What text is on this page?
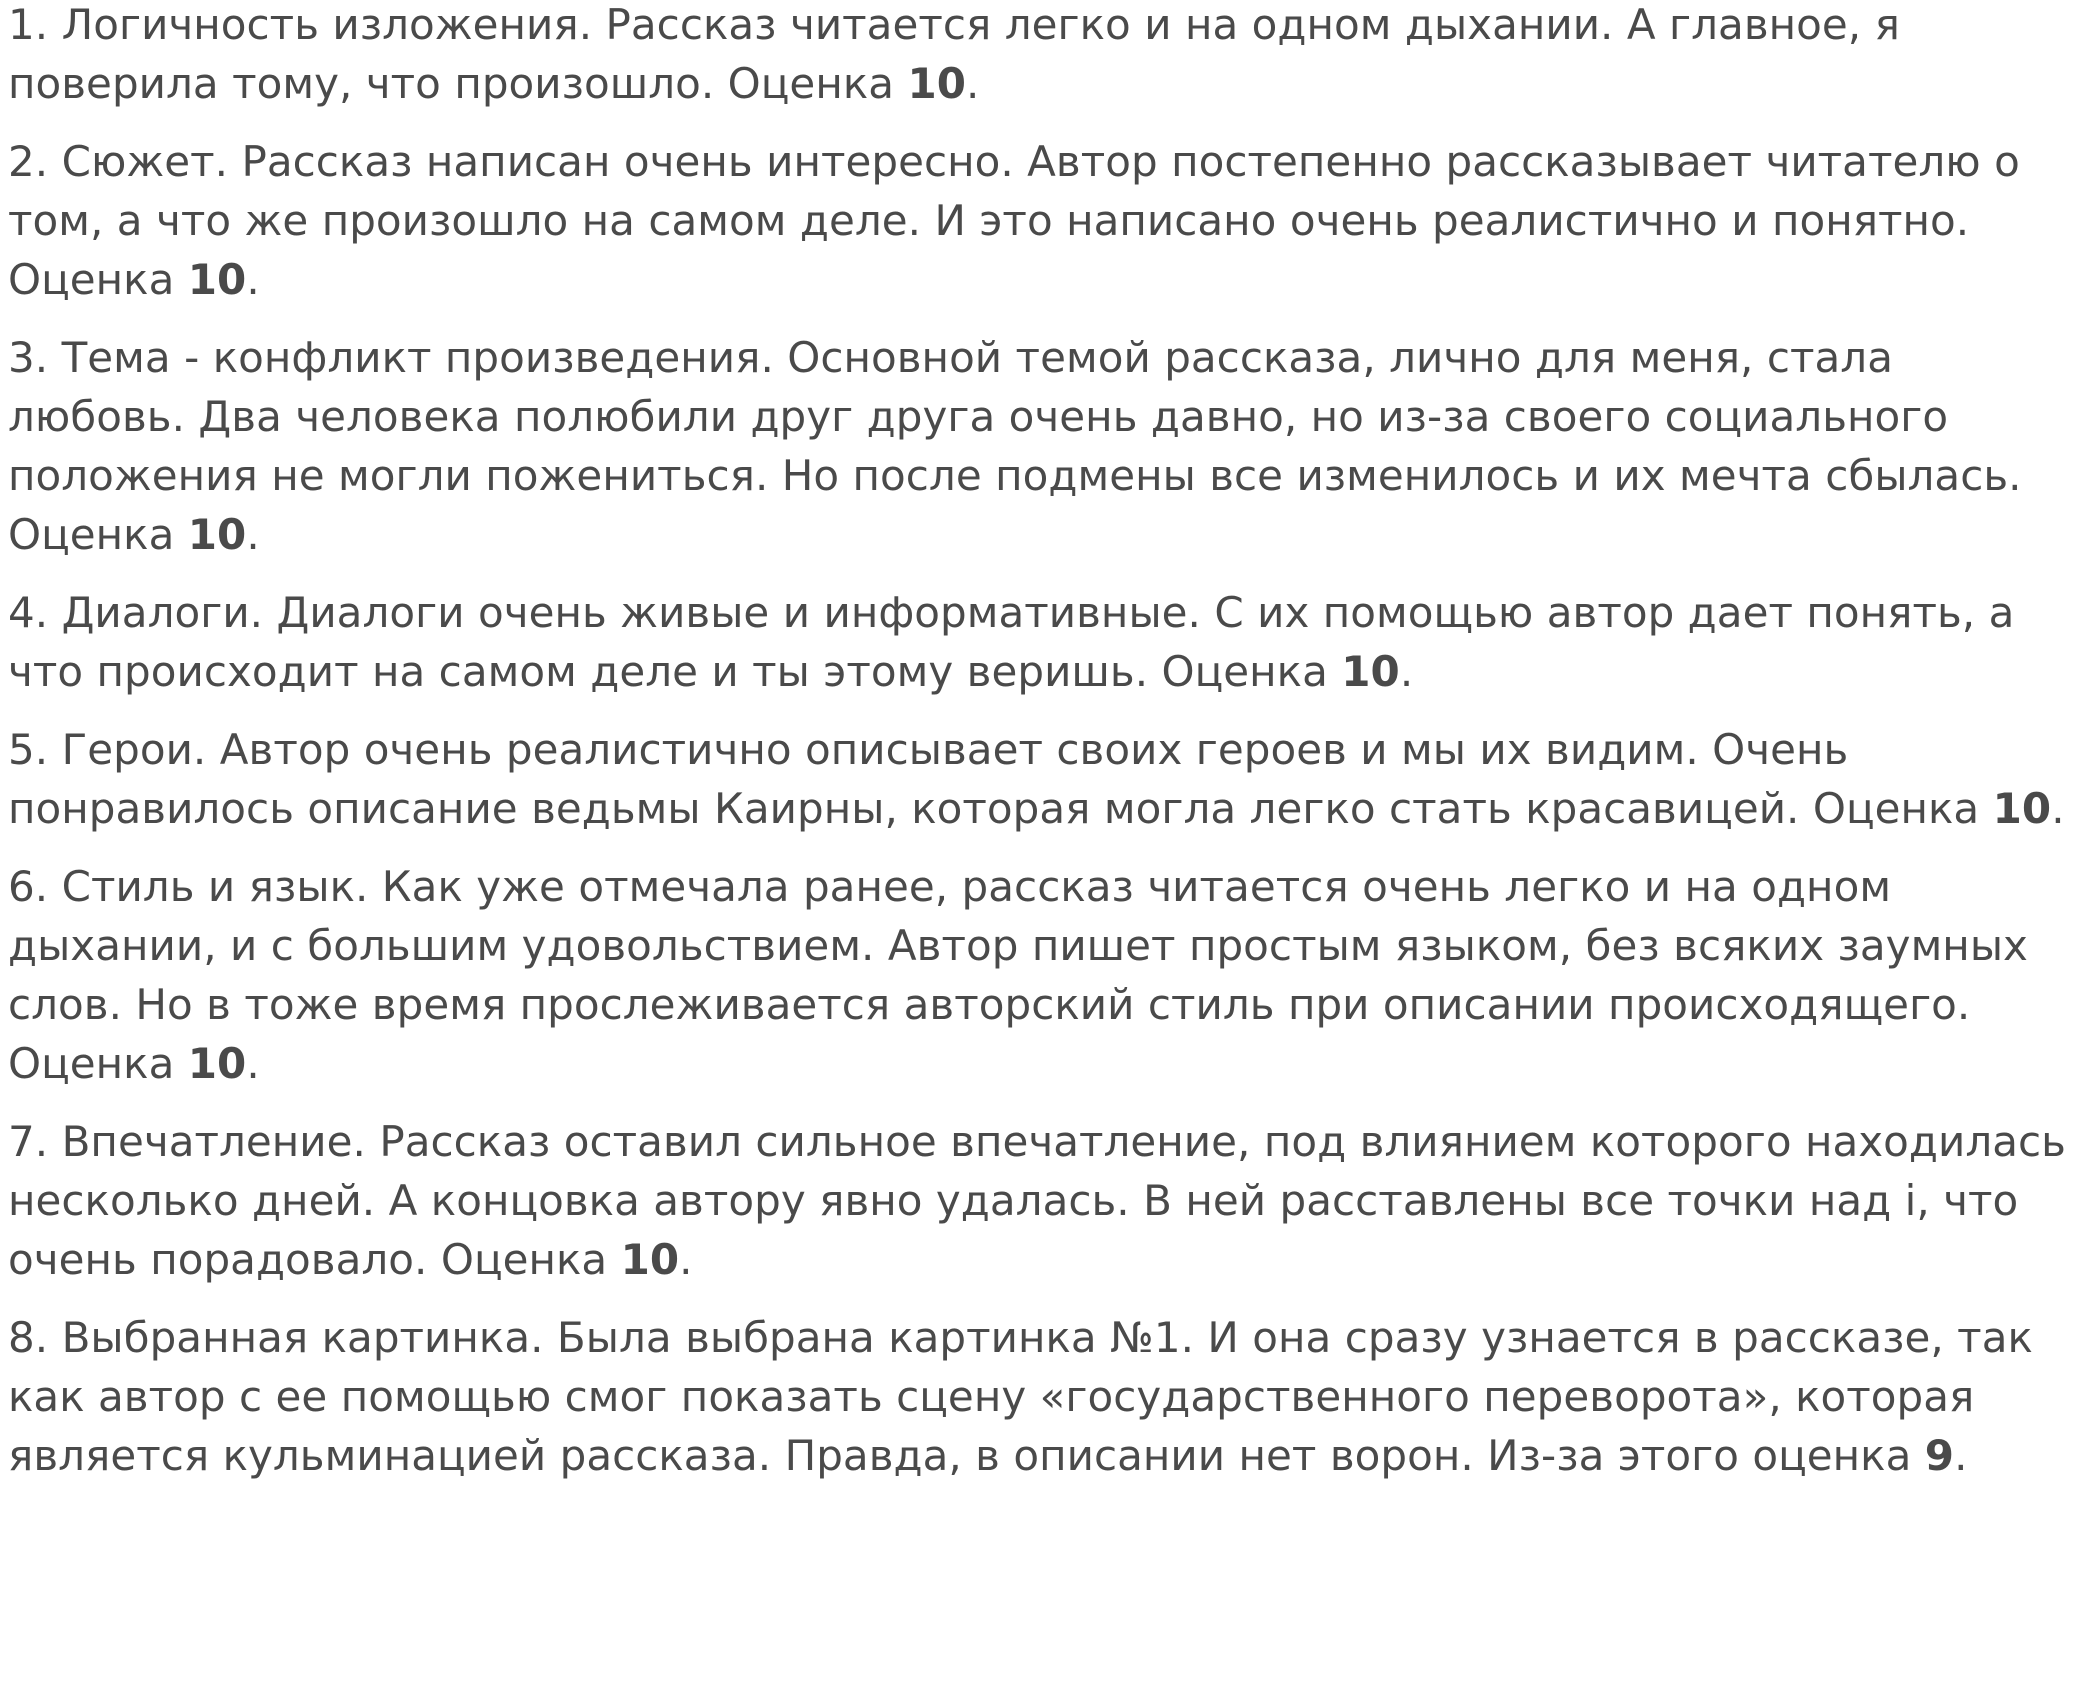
1. Логичность изложения. Рассказ читается легко и на одном дыхании. А главное, я поверила тому, что произошло. Оценка 10.

2. Сюжет. Рассказ написан очень интересно. Автор постепенно рассказывает читателю о том, а что же произошло на самом деле. И это написано очень реалистично и понятно. Оценка 10.

3. Тема - конфликт произведения. Основной темой рассказа, лично для меня, стала любовь. Два человека полюбили друг друга очень давно, но из-за своего социального положения не могли пожениться. Но после подмены все изменилось и их мечта сбылась. Оценка 10.

4. Диалоги. Диалоги очень живые и информативные. С их помощью автор дает понять, а что происходит на самом деле и ты этому веришь. Оценка 10.

5. Герои. Автор очень реалистично описывает своих героев и мы их видим. Очень понравилось описание ведьмы Каирны, которая могла легко стать красавицей. Оценка 10.

6. Стиль и язык. Как уже отмечала ранее, рассказ читается очень легко и на одном дыхании, и с большим удовольствием. Автор пишет простым языком, без всяких заумных слов. Но в тоже время прослеживается авторский стиль при описании происходящего. Оценка 10.

7. Впечатление. Рассказ оставил сильное впечатление, под влиянием которого находилась несколько дней. А концовка автору явно удалась. В ней расставлены все точки над i, что очень порадовало. Оценка 10.

8. Выбранная картинка. Была выбрана картинка №1. И она сразу узнается в рассказе, так как автор с ее помощью смог показать сцену «государственного переворота», которая является кульминацией рассказа. Правда, в описании нет ворон. Из-за этого оценка 9.
